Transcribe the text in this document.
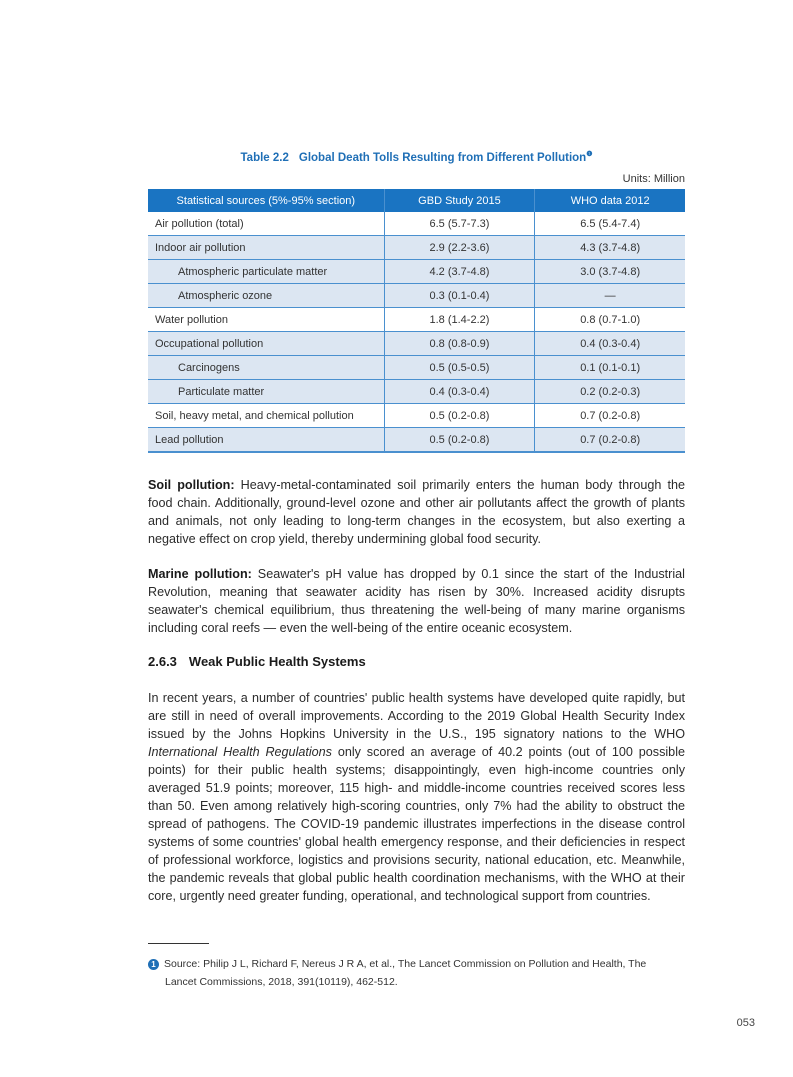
Table 2.2 Global Death Tolls Resulting from Different Pollution$^❶$
Units: Million
Statistical sources (5%-95% section)	GBD Study 2015	WHO data 2012
Air pollution (total)	6.5 (5.7-7.3)	6.5 (5.4-7.4)
Indoor air pollution	2.9 (2.2-3.6)	4.3 (3.7-4.8)
Atmospheric particulate matter	4.2 (3.7-4.8)	3.0 (3.7-4.8)
Atmospheric ozone	0.3 (0.1-0.4)	—
Water pollution	1.8 (1.4-2.2)	0.8 (0.7-1.0)
Occupational pollution	0.8 (0.8-0.9)	0.4 (0.3-0.4)
Carcinogens	0.5 (0.5-0.5)	0.1 (0.1-0.1)
Particulate matter	0.4 (0.3-0.4)	0.2 (0.2-0.3)
Soil, heavy metal, and chemical pollution	0.5 (0.2-0.8)	0.7 (0.2-0.8)
Lead pollution	0.5 (0.2-0.8)	0.7 (0.2-0.8)

Soil pollution: Heavy-metal-contaminated soil primarily enters the human body through the food chain. Additionally, ground-level ozone and other air pollutants affect the growth of plants and animals, not only leading to long-term changes in the ecosystem, but also exerting a negative effect on crop yield, thereby undermining global food security.

Marine pollution: Seawater's pH value has dropped by 0.1 since the start of the Industrial Revolution, meaning that seawater acidity has risen by 30%. Increased acidity disrupts seawater's chemical equilibrium, thus threatening the well-being of many marine organisms including coral reefs — even the well-being of the entire oceanic ecosystem.

2.6.3 Weak Public Health Systems

In recent years, a number of countries' public health systems have developed quite rapidly, but are still in need of overall improvements. According to the 2019 Global Health Security Index issued by the Johns Hopkins University in the U.S., 195 signatory nations to the WHO International Health Regulations only scored an average of 40.2 points (out of 100 possible points) for their public health systems; disappointingly, even high-income countries only averaged 51.9 points; moreover, 115 high- and middle-income countries received scores less than 50. Even among relatively high-scoring countries, only 7% had the ability to obstruct the spread of pathogens. The COVID-19 pandemic illustrates imperfections in the disease control systems of some countries' global health emergency response, and their deficiencies in respect of professional workforce, logistics and provisions security, national education, etc. Meanwhile, the pandemic reveals that global public health coordination mechanisms, with the WHO at their core, urgently need greater funding, operational, and technological support from countries.

1 Source: Philip J L, Richard F, Nereus J R A, et al., The Lancet Commission on Pollution and Health, The
Lancet Commissions, 2018, 391(10119), 462-512.
053
